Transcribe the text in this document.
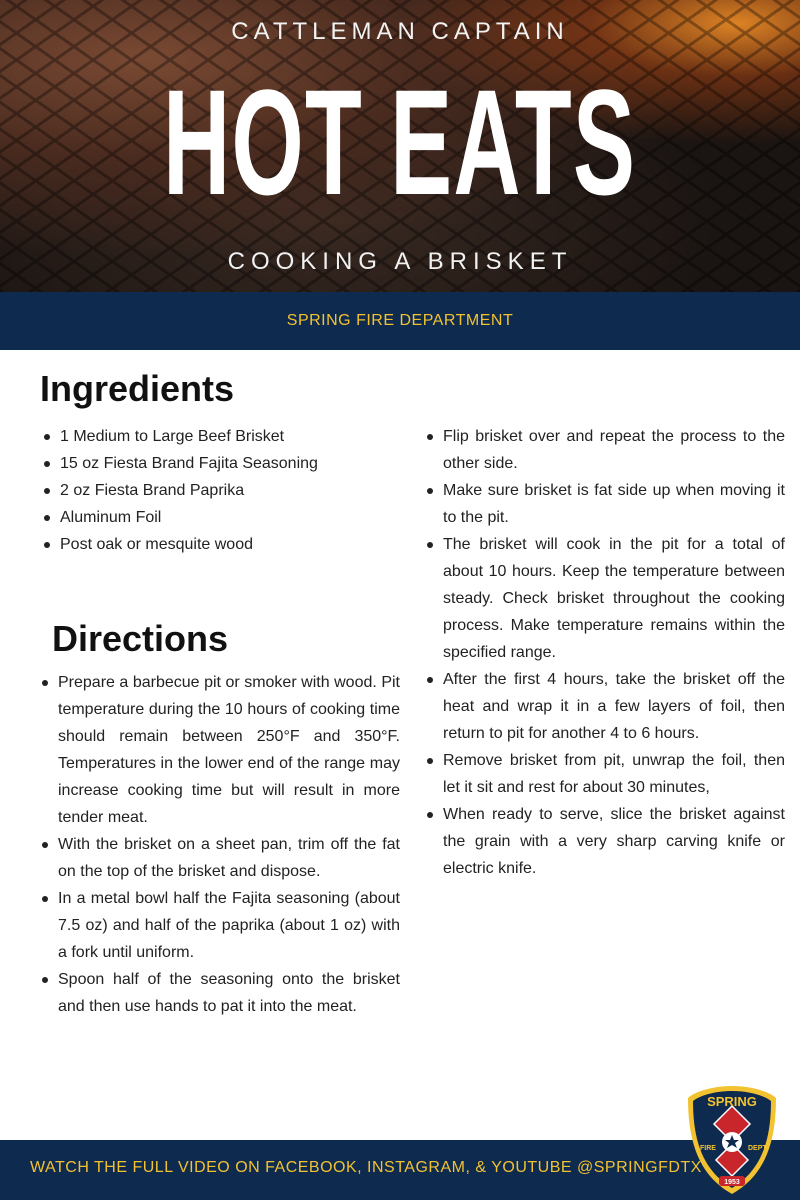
CATTLEMAN CAPTAIN
HOT EATS
COOKING A BRISKET
SPRING FIRE DEPARTMENT
Ingredients
1 Medium to Large Beef Brisket
15 oz Fiesta Brand Fajita Seasoning
2 oz Fiesta Brand Paprika
Aluminum Foil
Post oak or mesquite wood
Directions
Prepare a barbecue pit or smoker with wood. Pit temperature during the 10 hours of cooking time should remain between 250°F and 350°F. Temperatures in the lower end of the range may increase cooking time but will result in more tender meat.
With the brisket on a sheet pan, trim off the fat on the top of the brisket and dispose.
In a metal bowl half the Fajita seasoning (about 7.5 oz) and half of the paprika (about 1 oz) with a fork until uniform.
Spoon half of the seasoning onto the brisket and then use hands to pat it into the meat.
Flip brisket over and repeat the process to the other side.
Make sure brisket is fat side up when moving it to the pit.
The brisket will cook in the pit for a total of about 10 hours. Keep the temperature between steady. Check brisket throughout the cooking process. Make temperature remains within the specified range.
After the first 4 hours, take the brisket off the heat and wrap it in a few layers of foil, then return to pit for another 4 to 6 hours.
Remove brisket from pit, unwrap the foil, then let it sit and rest for about 30 minutes,
When ready to serve, slice the brisket against the grain with a very sharp carving knife or electric knife.
WATCH THE FULL VIDEO ON FACEBOOK, INSTAGRAM, & YOUTUBE @SPRINGFDTX
SPRING
FIRE	DEPT
1953
